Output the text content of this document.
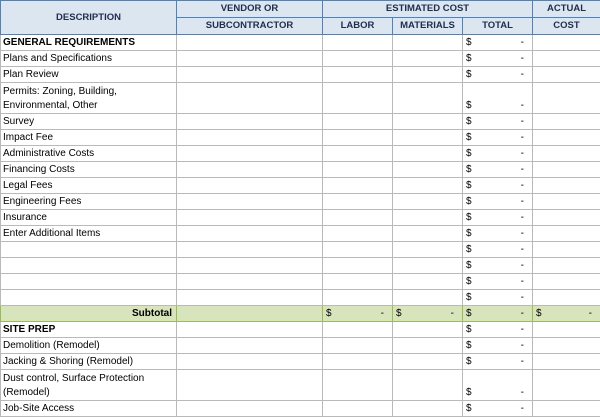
DESCRIPTION	VENDOR OR	ESTIMATED COST			ACTUAL
	SUBCONTRACTOR	LABOR	MATERIALS	TOTAL	COST
GENERAL REQUIREMENTS				$ -	

Plans and Specifications				$ -	

Plan Review				$ -	

Permits: Zoning, Building, Environmental, Other				$ -	

Survey				$ -	

Impact Fee				$ -	

Administrative Costs				$ -	

Financing Costs				$ -	

Legal Fees				$ -	

Engineering Fees				$ -	

Insurance				$ -	

Enter Additional Items				$ -	

				$ -	

				$ -	

				$ -	

				$ -	

Subtotal		$ -	$ -	$ -	$ -

SITE PREP				$ -	

Demolition (Remodel)				$ -	

Jacking & Shoring (Remodel)				$ -	

Dust control, Surface Protection (Remodel)				$ -	

Job-Site Access				$ -	
